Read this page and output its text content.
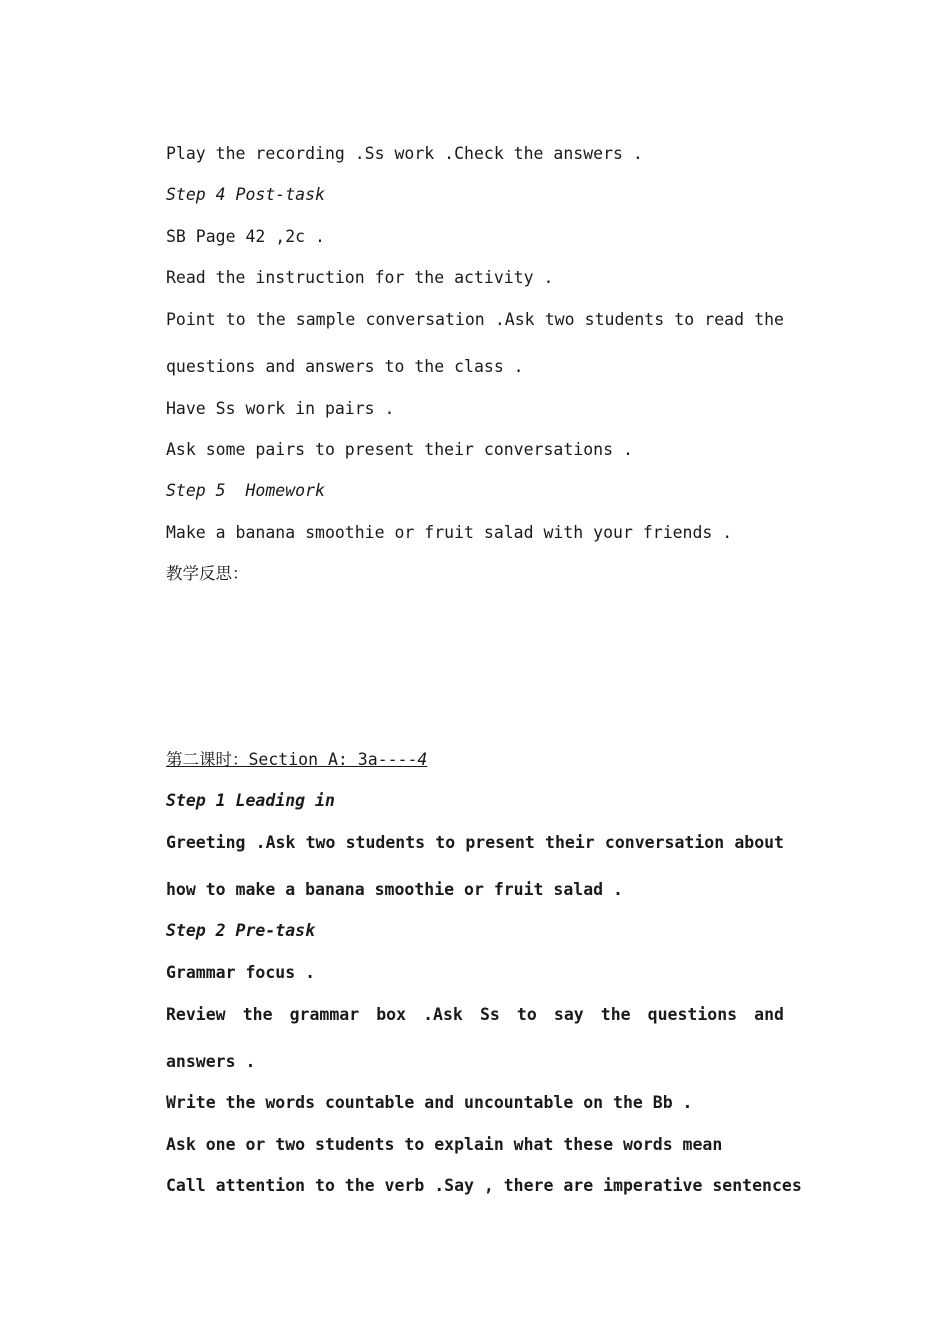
Play the recording .Ss work .Check the answers .

Step 4 Post-task

SB Page 42 ,2c .

Read the instruction for the activity .

Point to the sample conversation .Ask two students to read the

questions and answers to the class .

Have Ss work in pairs .

Ask some pairs to present their conversations .

Step 5  Homework

Make a banana smoothie or fruit salad with your friends .

教学反思：

第二课时：Section A: 3a----4

Step 1 Leading in

Greeting .Ask two students to present their conversation about

how to make a banana smoothie or fruit salad .

Step 2 Pre-task

Grammar focus .

Review the grammar box .Ask Ss to say the questions and

answers .

Write the words countable and uncountable on the Bb .

Ask one or two students to explain what these words mean

Call attention to the verb .Say , there are imperative sentences
